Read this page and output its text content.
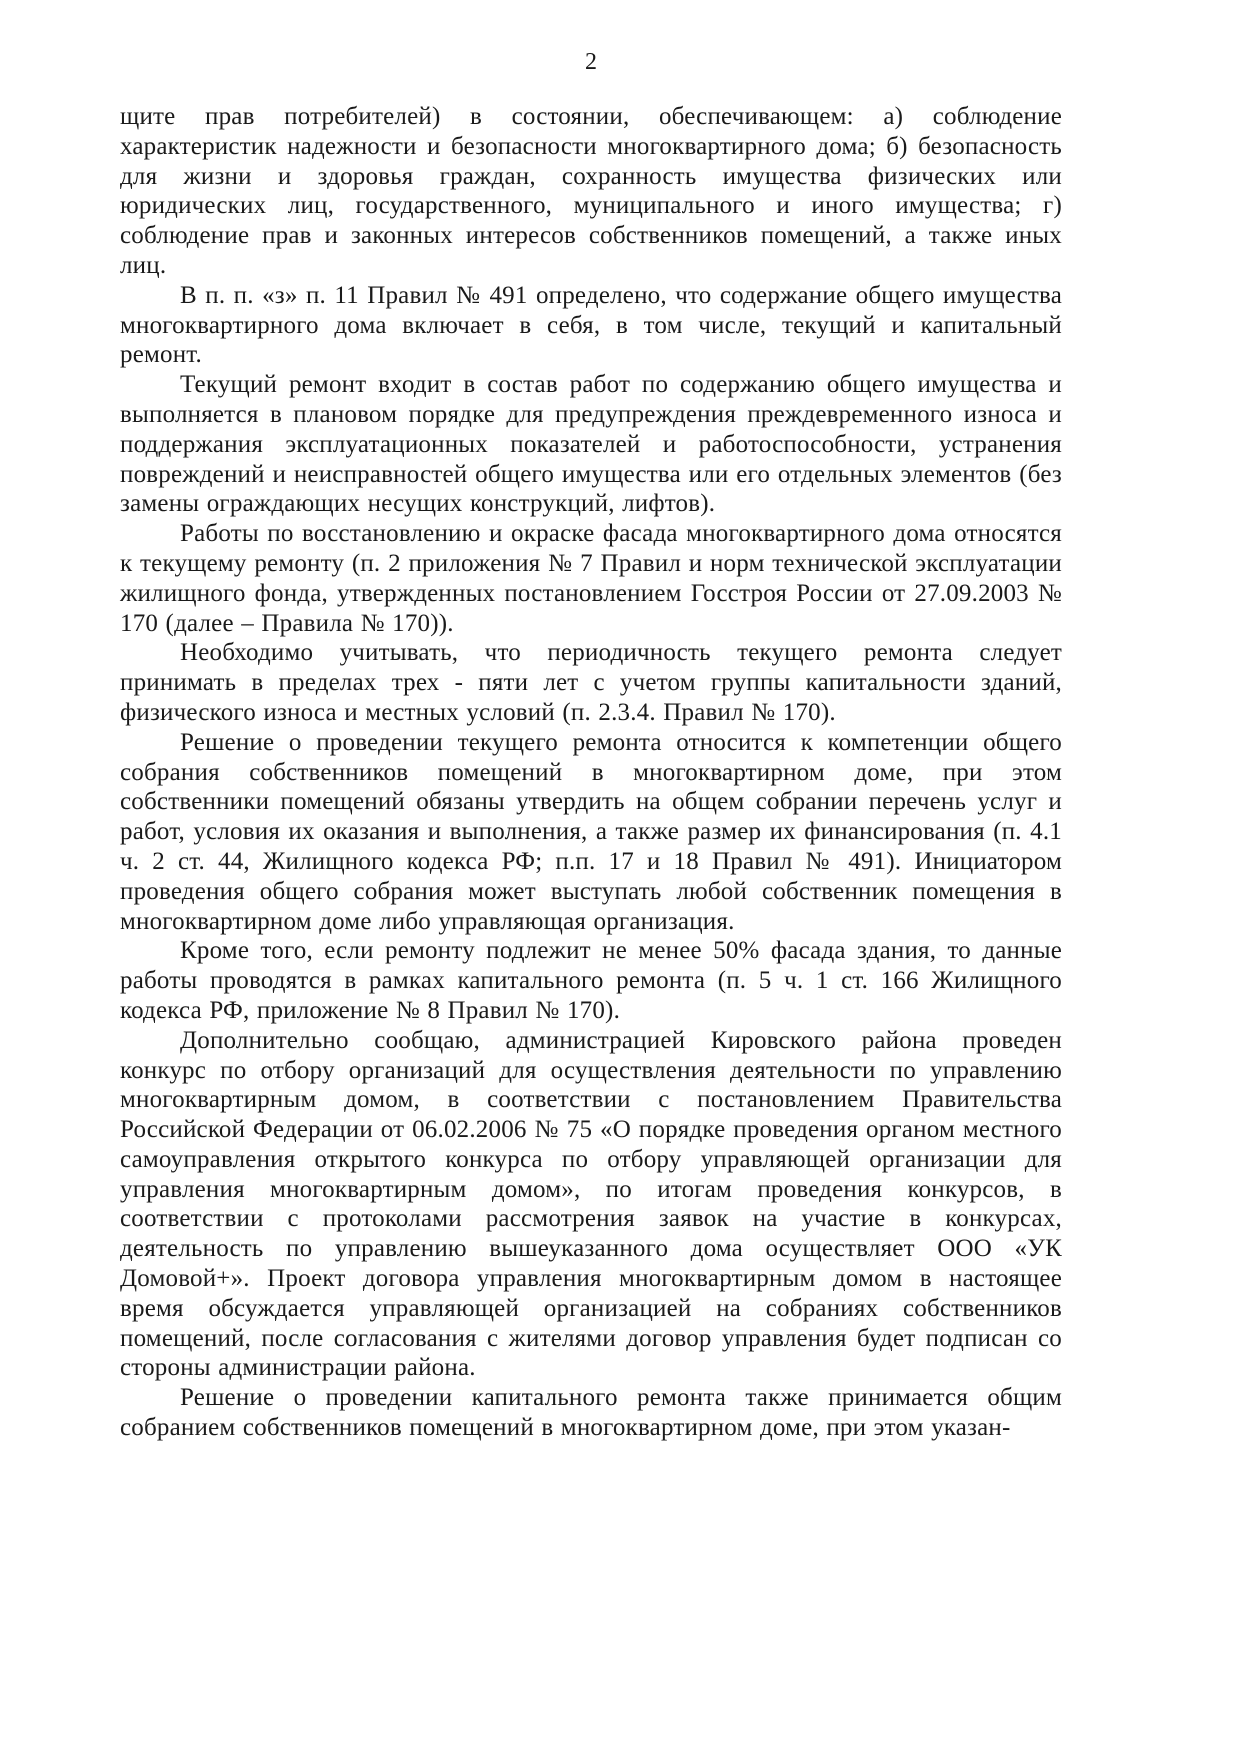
2

щите прав потребителей) в состоянии, обеспечивающем: а) соблюдение характеристик надежности и безопасности многоквартирного дома; б) безопасность для жизни и здоровья граждан, сохранность имущества физических или юридических лиц, государственного, муниципального и иного имущества; г) соблюдение прав и законных интересов собственников помещений, а также иных лиц.

В п. п. «з» п. 11 Правил № 491 определено, что содержание общего имущества многоквартирного дома включает в себя, в том числе, текущий и капитальный ремонт.

Текущий ремонт входит в состав работ по содержанию общего имущества и выполняется в плановом порядке для предупреждения преждевременного износа и поддержания эксплуатационных показателей и работоспособности, устранения повреждений и неисправностей общего имущества или его отдельных элементов (без замены ограждающих несущих конструкций, лифтов).

Работы по восстановлению и окраске фасада многоквартирного дома относятся к текущему ремонту (п. 2 приложения № 7 Правил и норм технической эксплуатации жилищного фонда, утвержденных постановлением Госстроя России от 27.09.2003 № 170 (далее – Правила № 170)).

Необходимо учитывать, что периодичность текущего ремонта следует принимать в пределах трех - пяти лет с учетом группы капитальности зданий, физического износа и местных условий (п. 2.3.4. Правил № 170).

Решение о проведении текущего ремонта относится к компетенции общего собрания собственников помещений в многоквартирном доме, при этом собственники помещений обязаны утвердить на общем собрании перечень услуг и работ, условия их оказания и выполнения, а также размер их финансирования (п. 4.1 ч. 2 ст. 44, Жилищного кодекса РФ; п.п. 17 и 18 Правил № 491). Инициатором проведения общего собрания может выступать любой собственник помещения в многоквартирном доме либо управляющая организация.

Кроме того, если ремонту подлежит не менее 50% фасада здания, то данные работы проводятся в рамках капитального ремонта (п. 5 ч. 1 ст. 166 Жилищного кодекса РФ, приложение № 8 Правил № 170).

Дополнительно сообщаю, администрацией Кировского района проведен конкурс по отбору организаций для осуществления деятельности по управлению многоквартирным домом, в соответствии с постановлением Правительства Российской Федерации от 06.02.2006 № 75 «О порядке проведения органом местного самоуправления открытого конкурса по отбору управляющей организации для управления многоквартирным домом», по итогам проведения конкурсов, в соответствии с протоколами рассмотрения заявок на участие в конкурсах, деятельность по управлению вышеуказанного дома осуществляет ООО «УК Домовой+». Проект договора управления многоквартирным домом в настоящее время обсуждается управляющей организацией на собраниях собственников помещений, после согласования с жителями договор управления будет подписан со стороны администрации района.

Решение о проведении капитального ремонта также принимается общим собранием собственников помещений в многоквартирном доме, при этом указан-
